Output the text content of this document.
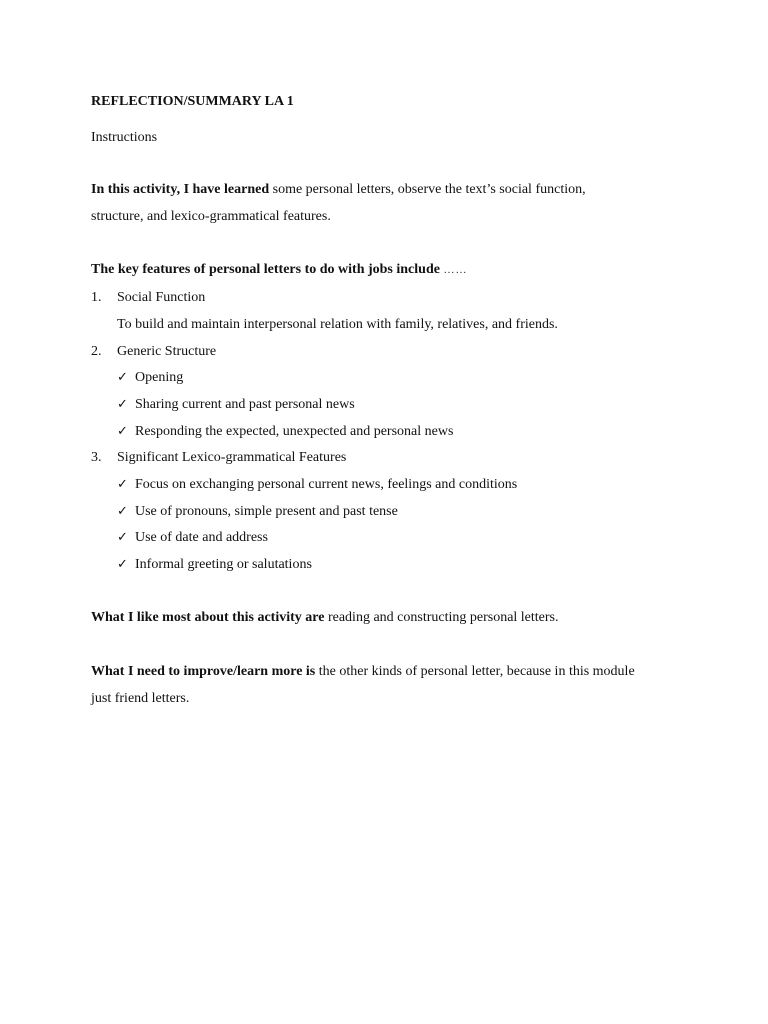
REFLECTION/SUMMARY LA 1
Instructions
In this activity, I have learned some personal letters, observe the text’s social function,
structure, and lexico-grammatical features.
The key features of personal letters to do with jobs include ……
1. Social Function
To build and maintain interpersonal relation with family, relatives, and friends.
2. Generic Structure
✓ Opening
✓ Sharing current and past personal news
✓ Responding the expected, unexpected and personal news
3. Significant Lexico-grammatical Features
✓ Focus on exchanging personal current news, feelings and conditions
✓ Use of pronouns, simple present and past tense
✓ Use of date and address
✓ Informal greeting or salutations
What I like most about this activity are reading and constructing personal letters.
What I need to improve/learn more is the other kinds of personal letter, because in this module
just friend letters.
